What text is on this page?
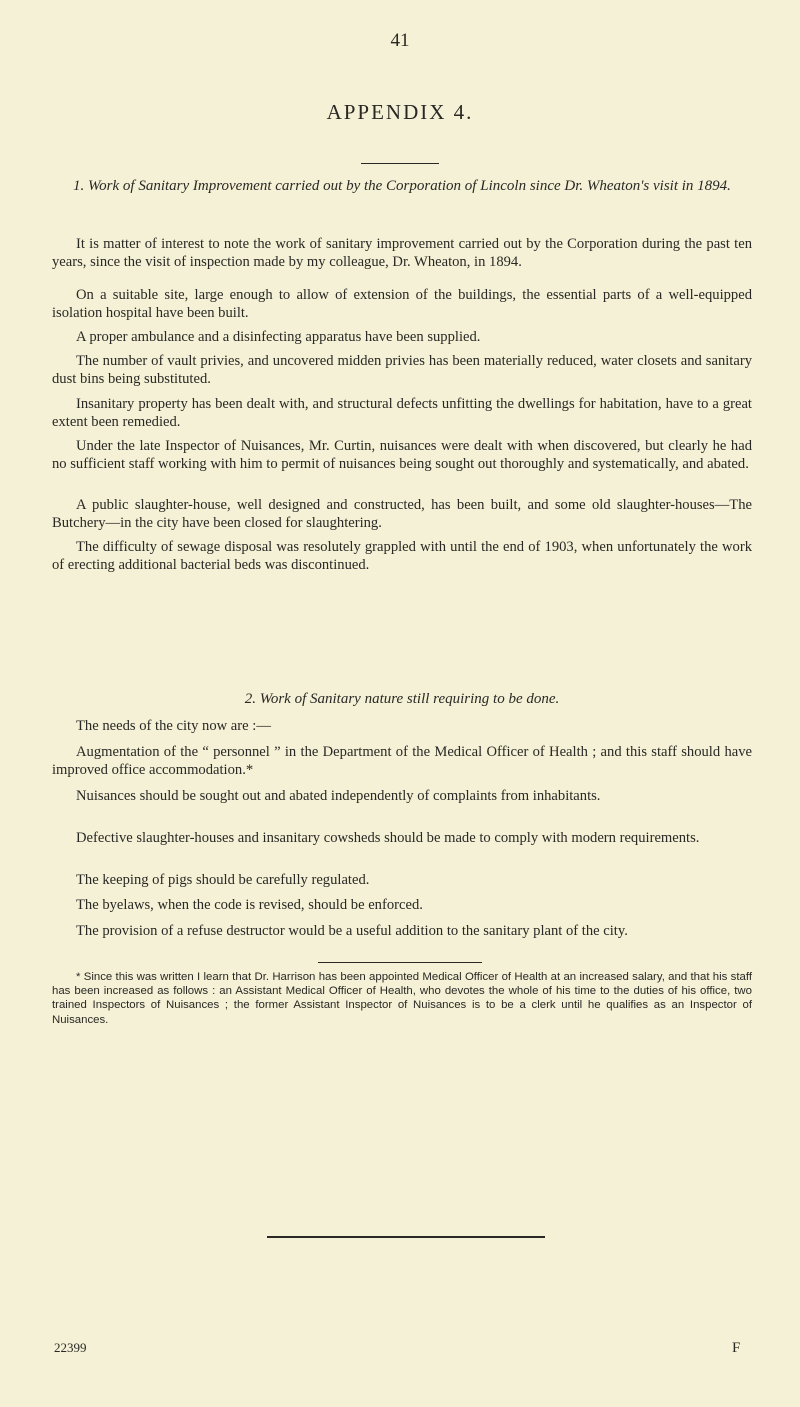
41
APPENDIX 4.
1. Work of Sanitary Improvement carried out by the Corporation of Lincoln since Dr. Wheaton's visit in 1894.

It is matter of interest to note the work of sanitary improvement carried out by the Corporation during the past ten years, since the visit of inspection made by my colleague, Dr. Wheaton, in 1894.

On a suitable site, large enough to allow of extension of the buildings, the essential parts of a well-equipped isolation hospital have been built.

A proper ambulance and a disinfecting apparatus have been supplied.

The number of vault privies, and uncovered midden privies has been materially reduced, water closets and sanitary dust bins being substituted.

Insanitary property has been dealt with, and structural defects unfitting the dwellings for habitation, have to a great extent been remedied.

Under the late Inspector of Nuisances, Mr. Curtin, nuisances were dealt with when discovered, but clearly he had no sufficient staff working with him to permit of nuisances being sought out thoroughly and systematically, and abated.

A public slaughter-house, well designed and constructed, has been built, and some old slaughter-houses—The Butchery—in the city have been closed for slaughtering.

The difficulty of sewage disposal was resolutely grappled with until the end of 1903, when unfortunately the work of erecting additional bacterial beds was discontinued.

2. Work of Sanitary nature still requiring to be done.

The needs of the city now are :—

Augmentation of the “ personnel ” in the Department of the Medical Officer of Health ; and this staff should have improved office accommodation.*

Nuisances should be sought out and abated independently of complaints from inhabitants.

Defective slaughter-houses and insanitary cowsheds should be made to comply with modern requirements.

The keeping of pigs should be carefully regulated.

The byelaws, when the code is revised, should be enforced.

The provision of a refuse destructor would be a useful addition to the sanitary plant of the city.

* Since this was written I learn that Dr. Harrison has been appointed Medical Officer of Health at an increased salary, and that his staff has been increased as follows : an Assistant Medical Officer of Health, who devotes the whole of his time to the duties of his office, two trained Inspectors of Nuisances ; the former Assistant Inspector of Nuisances is to be a clerk until he qualifies as an Inspector of Nuisances.

22399	F
